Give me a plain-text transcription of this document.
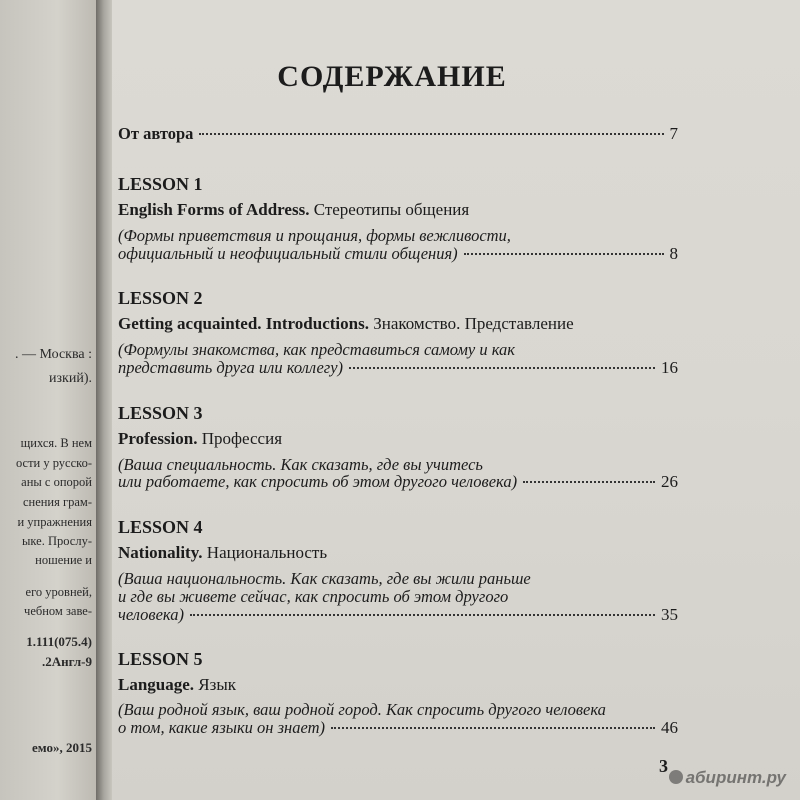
. — Москва :
изкий).
щихся. В нем
ости у русско-
аны с опорой
снения грам-
и упражнения
ыке. Прослу-
ношение и
его уровней,
чебном заве-
1.111(075.4)
.2Англ-9
емо», 2015
СОДЕРЖАНИЕ
От автора	7
LESSON 1
English Forms of Address. Стереотипы общения
(Формы приветствия и прощания, формы вежливости,
официальный и неофициальный стили общения)	8
LESSON 2
Getting acquainted. Introductions. Знакомство. Представление
(Формулы знакомства, как представиться самому и как
представить друга или коллегу)	16
LESSON 3
Profession. Профессия
(Ваша специальность. Как сказать, где вы учитесь
или работаете, как спросить об этом другого человека)	26
LESSON 4
Nationality. Национальность
(Ваша национальность. Как сказать, где вы жили раньше
и где вы живете сейчас, как спросить об этом другого
человека)	35
LESSON 5
Language. Язык
(Ваш родной язык, ваш родной город. Как спросить другого человека
о том, какие языки он знает)	46
3
абиринт.ру
